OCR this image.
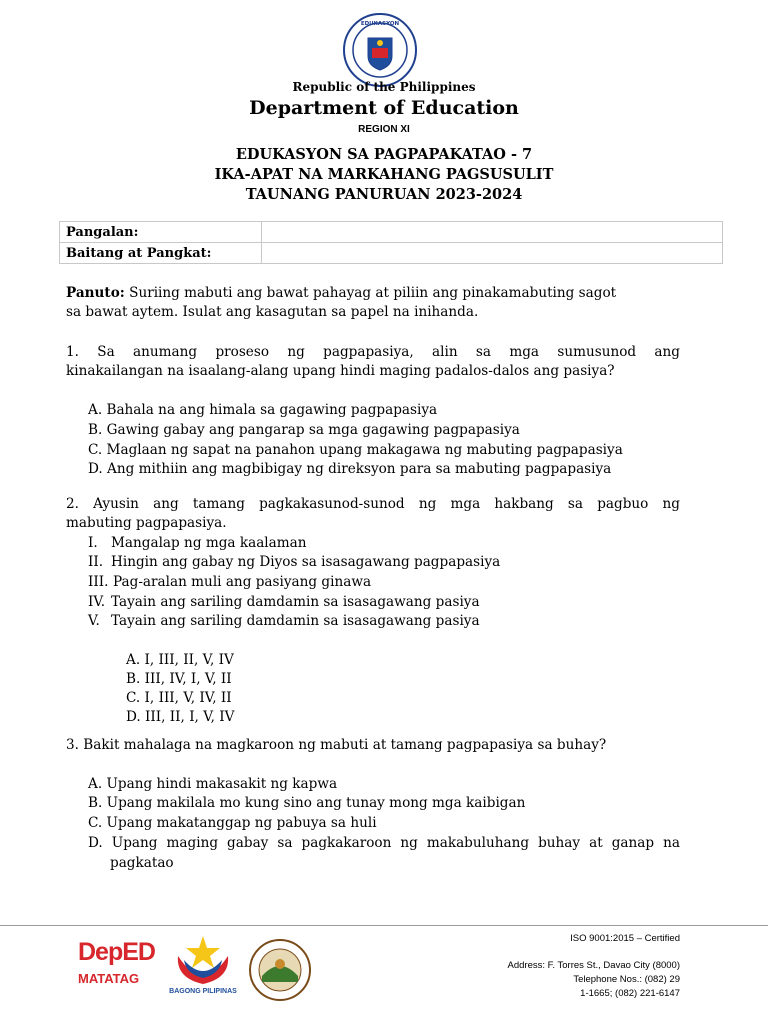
EDUKASYON
Republic of the Philippines
Department of Education
REGION XI
EDUKASYON SA PAGPAPAKATAO - 7
IKA-APAT NA MARKAHANG PAGSUSULIT
TAUNANG PANURUAN 2023-2024
Pangalan:	
Baitang at Pangkat:	
Panuto: Suriing mabuti ang bawat pahayag at piliin ang pinakamabuting sagot
sa bawat aytem. Isulat ang kasagutan sa papel na inihanda.
1. Sa anumang proseso ng pagpapasiya, alin sa mga sumusunod ang
kinakailangan na isaalang-alang upang hindi maging padalos-dalos ang pasiya?
A. Bahala na ang himala sa gagawing pagpapasiya
B. Gawing gabay ang pangarap sa mga gagawing pagpapasiya
C. Maglaan ng sapat na panahon upang makagawa ng mabuting pagpapasiya
D. Ang mithiin ang magbibigay ng direksyon para sa mabuting pagpapasiya
2. Ayusin ang tamang pagkakasunod-sunod ng mga hakbang sa pagbuo ng
mabuting pagpapasiya.
I. Mangalap ng mga kaalaman
II. Hingin ang gabay ng Diyos sa isasagawang pagpapasiya
III. Pag-aralan muli ang pasiyang ginawa
IV. Tayain ang sariling damdamin sa isasagawang pasiya
V. Tayain ang sariling damdamin sa isasagawang pasiya
A. I, III, II, V, IV
B. III, IV, I, V, II
C. I, III, V, IV, II
D. III, II, I, V, IV
3. Bakit mahalaga na magkaroon ng mabuti at tamang pagpapasiya sa buhay?
A. Upang hindi makasakit ng kapwa
B. Upang makilala mo kung sino ang tunay mong mga kaibigan
C. Upang makatanggap ng pabuya sa huli
D. Upang maging gabay sa pagkakaroon ng makabuluhang buhay at ganap na
pagkatao
DepED
MATATAG
BAGONG PILIPINAS
ISO 9001:2015 – Certified
Address: F. Torres St., Davao City (8000)
Telephone Nos.: (082) 29
1-1665; (082) 221-6147
